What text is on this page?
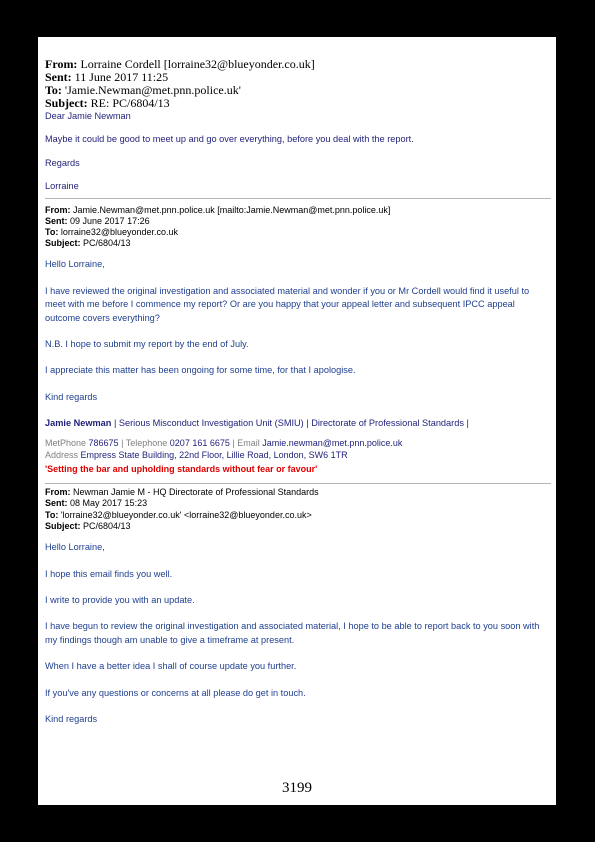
From: Lorraine Cordell [lorraine32@blueyonder.co.uk]
Sent: 11 June 2017 11:25
To: 'Jamie.Newman@met.pnn.police.uk'
Subject: RE: PC/6804/13

Dear Jamie Newman

Maybe it could be good to meet up and go over everything, before you deal with the report.

Regards

Lorraine

From: Jamie.Newman@met.pnn.police.uk [mailto:Jamie.Newman@met.pnn.police.uk]
Sent: 09 June 2017 17:26
To: lorraine32@blueyonder.co.uk
Subject: PC/6804/13

Hello Lorraine,

I have reviewed the original investigation and associated material and wonder if you or Mr Cordell would find it useful to meet with me before I commence my report? Or are you happy that your appeal letter and subsequent IPCC appeal outcome covers everything?

N.B. I hope to submit my report by the end of July.

I appreciate this matter has been ongoing for some time, for that I apologise.

Kind regards

Jamie Newman | Serious Misconduct Investigation Unit (SMIU) | Directorate of Professional Standards |
MetPhone 786675 | Telephone 0207 161 6675 | Email Jamie.newman@met.pnn.police.uk
Address Empress State Building, 22nd Floor, Lillie Road, London, SW6 1TR
'Setting the bar and upholding standards without fear or favour'
From: Newman Jamie M - HQ Directorate of Professional Standards
Sent: 08 May 2017 15:23
To: 'lorraine32@blueyonder.co.uk' <lorraine32@blueyonder.co.uk>
Subject: PC/6804/13

Hello Lorraine,

I hope this email finds you well.

I write to provide you with an update.

I have begun to review the original investigation and associated material, I hope to be able to report back to you soon with my findings though am unable to give a timeframe at present.

When I have a better idea I shall of course update you further.

If you've any questions or concerns at all please do get in touch.

Kind regards

3199
